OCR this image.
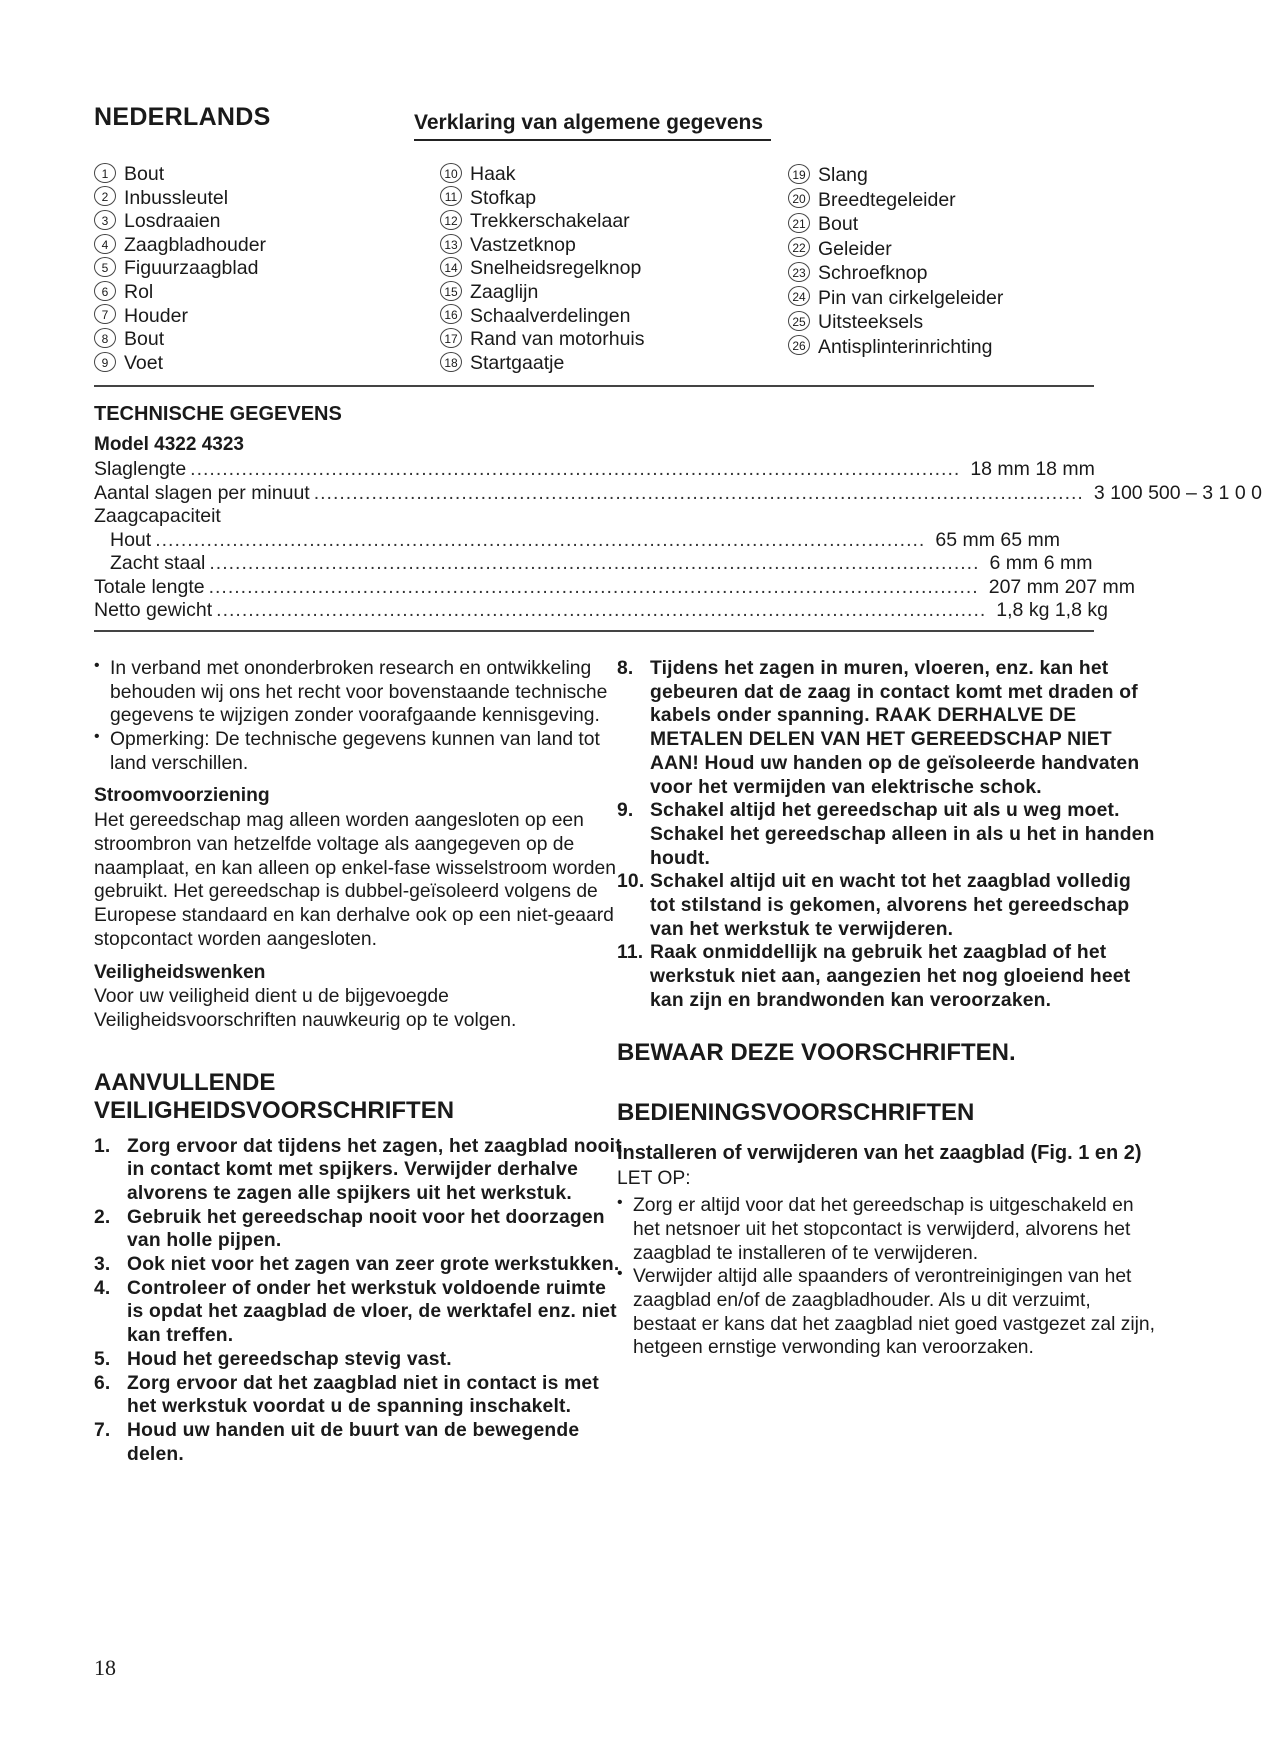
NEDERLANDS	Verklaring van algemene gegevens
1 Bout
2 Inbussleutel
3 Losdraaien
4 Zaagbladhouder
5 Figuurzaagblad
6 Rol
7 Houder
8 Bout
9 Voet
10 Haak
11 Stofkap
12 Trekkerschakelaar
13 Vastzetknop
14 Snelheidsregelknop
15 Zaaglijn
16 Schaalverdelingen
17 Rand van motorhuis
18 Startgaatje
19 Slang
20 Breedtegeleider
21 Bout
22 Geleider
23 Schroefknop
24 Pin van cirkelgeleider
25 Uitsteeksels
26 Antisplinterinrichting
TECHNISCHE GEGEVENS
Model 4322 4323
Slaglengte ........................................................................................................................ 18 mm 18 mm
Aantal slagen per minuut ........................................................................................................................ 3 100 500 – 3 1 0 0
Zaagcapaciteit
Hout ........................................................................................................................ 65 mm 65 mm
Zacht staal ........................................................................................................................ 6 mm 6 mm
Totale lengte ........................................................................................................................ 207 mm 207 mm
Netto gewicht ........................................................................................................................ 1,8 kg 1,8 kg
• In verband met ononderbroken research en ontwikkeling behouden wij ons het recht voor bovenstaande technische gegevens te wijzigen zonder voorafgaande kennisgeving.
• Opmerking: De technische gegevens kunnen van land tot land verschillen.
Stroomvoorziening

Het gereedschap mag alleen worden aangesloten op een stroombron van hetzelfde voltage als aangegeven op de naamplaat, en kan alleen op enkel-fase wisselstroom worden gebruikt. Het gereedschap is dubbel-geïsoleerd volgens de Europese standaard en kan derhalve ook op een niet-geaard stopcontact worden aangesloten.

Veiligheidswenken

Voor uw veiligheid dient u de bijgevoegde Veiligheidsvoorschriften nauwkeurig op te volgen.

AANVULLENDE
VEILIGHEIDSVOORSCHRIFTEN
1. Zorg ervoor dat tijdens het zagen, het zaagblad nooit in contact komt met spijkers. Verwijder derhalve alvorens te zagen alle spijkers uit het werkstuk.
2. Gebruik het gereedschap nooit voor het doorzagen van holle pijpen.
3. Ook niet voor het zagen van zeer grote werkstukken.
4. Controleer of onder het werkstuk voldoende ruimte is opdat het zaagblad de vloer, de werktafel enz. niet kan treffen.
5. Houd het gereedschap stevig vast.
6. Zorg ervoor dat het zaagblad niet in contact is met het werkstuk voordat u de spanning inschakelt.
7. Houd uw handen uit de buurt van de bewegende delen.
8. Tijdens het zagen in muren, vloeren, enz. kan het gebeuren dat de zaag in contact komt met draden of kabels onder spanning. RAAK DERHALVE DE METALEN DELEN VAN HET GEREEDSCHAP NIET AAN! Houd uw handen op de geïsoleerde handvaten voor het vermijden van elektrische schok.
9. Schakel altijd het gereedschap uit als u weg moet. Schakel het gereedschap alleen in als u het in handen houdt.
10. Schakel altijd uit en wacht tot het zaagblad volledig tot stilstand is gekomen, alvorens het gereedschap van het werkstuk te verwijderen.
11. Raak onmiddellijk na gebruik het zaagblad of het werkstuk niet aan, aangezien het nog gloeiend heet kan zijn en brandwonden kan veroorzaken.
BEWAAR DEZE VOORSCHRIFTEN.
BEDIENINGSVOORSCHRIFTEN
Installeren of verwijderen van het zaagblad (Fig. 1 en 2)
LET OP:
• Zorg er altijd voor dat het gereedschap is uitgeschakeld en het netsnoer uit het stopcontact is verwijderd, alvorens het zaagblad te installeren of te verwijderen.
• Verwijder altijd alle spaanders of verontreinigingen van het zaagblad en/of de zaagbladhouder. Als u dit verzuimt, bestaat er kans dat het zaagblad niet goed vastgezet zal zijn, hetgeen ernstige verwonding kan veroorzaken.
18
